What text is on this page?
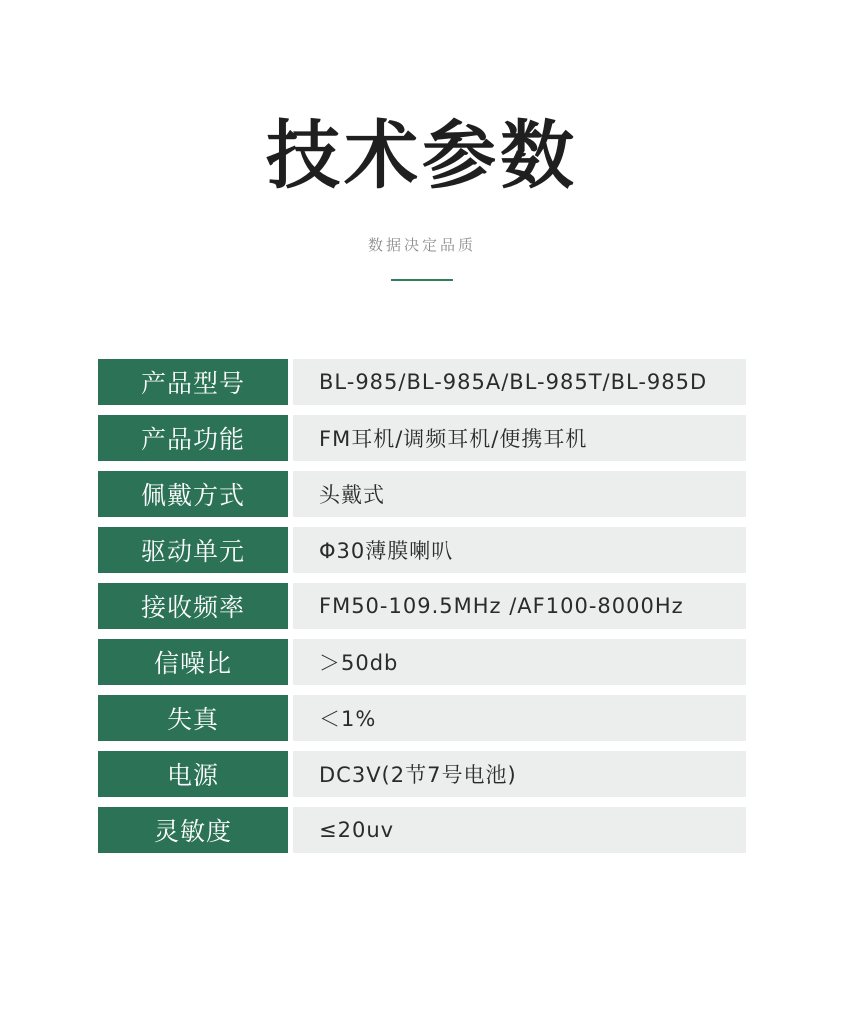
技术参数
数据决定品质
产品型号	BL-985/BL-985A/BL-985T/BL-985D
产品功能	FM耳机/调频耳机/便携耳机
佩戴方式	头戴式
驱动单元	Φ30薄膜喇叭
接收频率	FM50-109.5MHz /AF100-8000Hz
信噪比	＞50db
失真	＜1%
电源	DC3V(2节7号电池)
灵敏度	≤20uv
